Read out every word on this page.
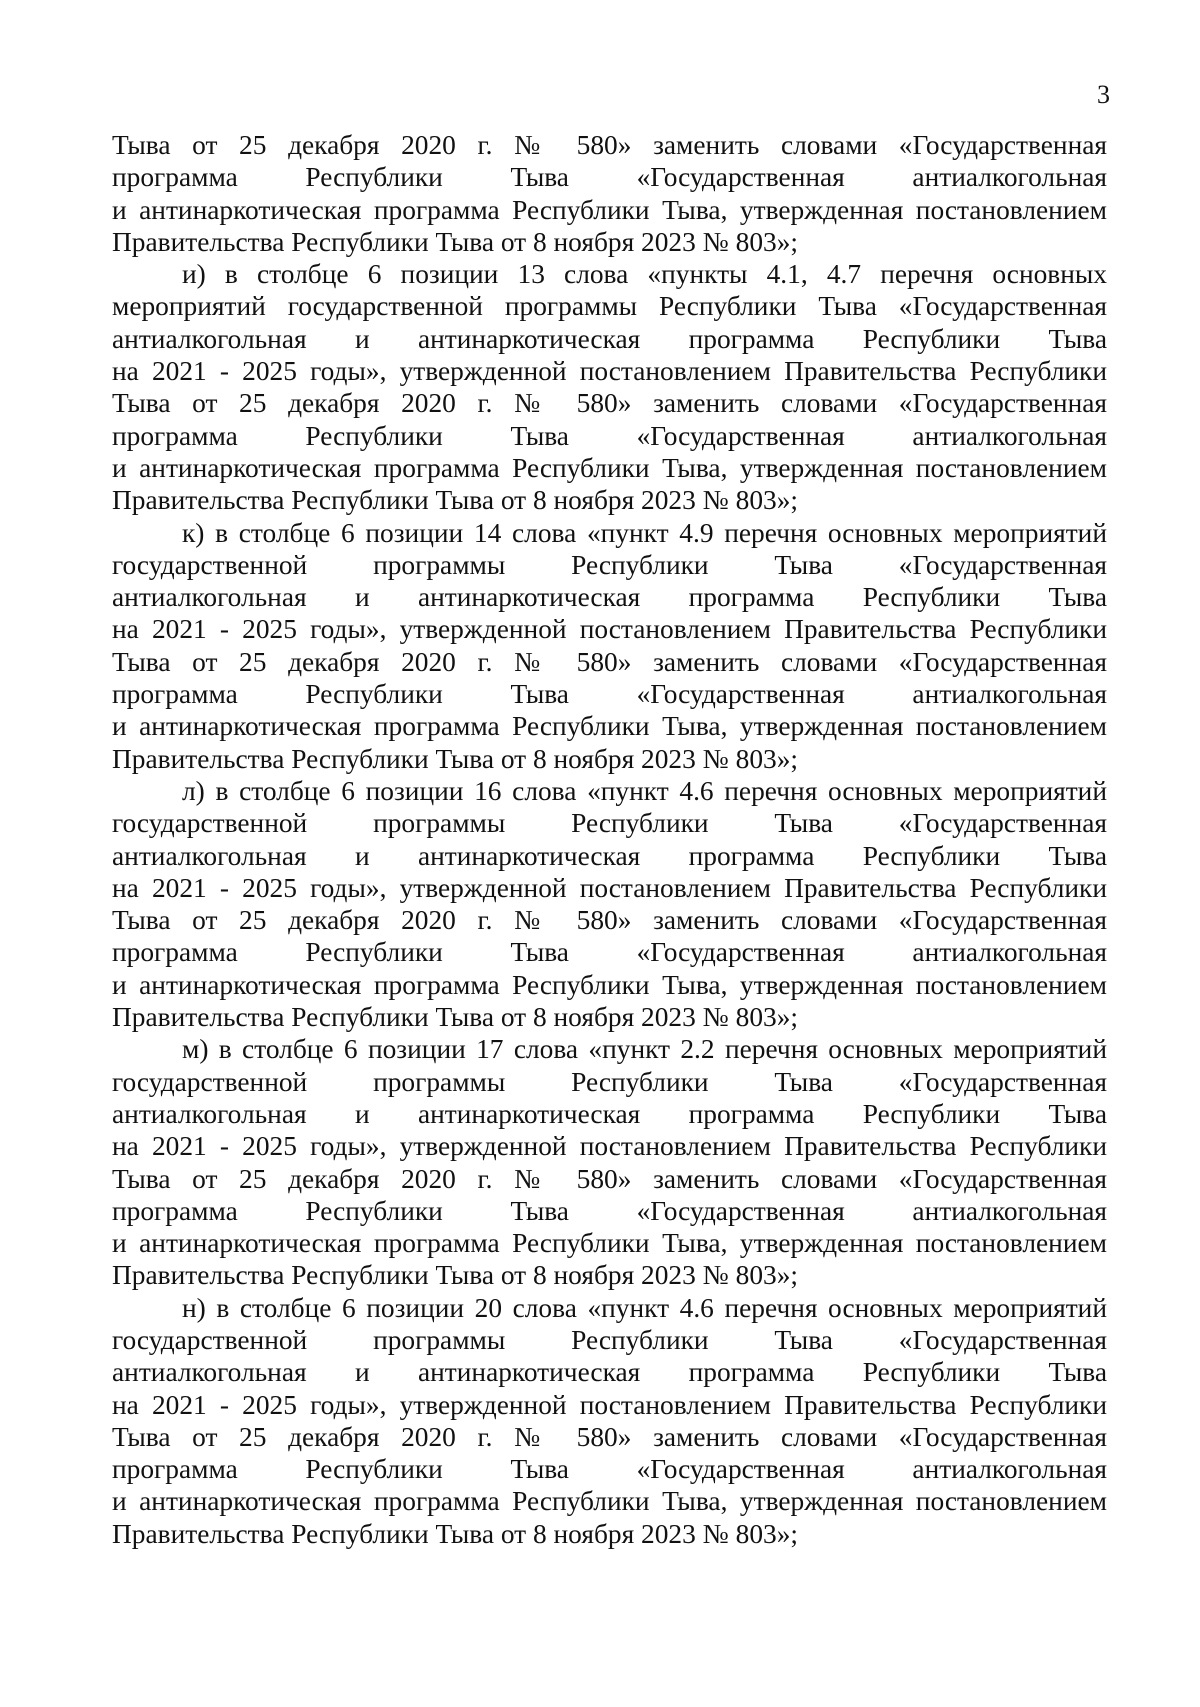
3
Тыва от 25 декабря 2020 г. № 580» заменить словами «Государственная
программа Республики Тыва «Государственная антиалкогольная
и антинаркотическая программа Республики Тыва, утвержденная постановлением
Правительства Республики Тыва от 8 ноября 2023 № 803»;
и) в столбце 6 позиции 13 слова «пункты 4.1, 4.7 перечня основных
мероприятий государственной программы Республики Тыва «Государственная
антиалкогольная и антинаркотическая программа Республики Тыва
на 2021 - 2025 годы», утвержденной постановлением Правительства Республики
Тыва от 25 декабря 2020 г. № 580» заменить словами «Государственная
программа Республики Тыва «Государственная антиалкогольная
и антинаркотическая программа Республики Тыва, утвержденная постановлением
Правительства Республики Тыва от 8 ноября 2023 № 803»;
к) в столбце 6 позиции 14 слова «пункт 4.9 перечня основных мероприятий
государственной программы Республики Тыва «Государственная
антиалкогольная и антинаркотическая программа Республики Тыва
на 2021 - 2025 годы», утвержденной постановлением Правительства Республики
Тыва от 25 декабря 2020 г. № 580» заменить словами «Государственная
программа Республики Тыва «Государственная антиалкогольная
и антинаркотическая программа Республики Тыва, утвержденная постановлением
Правительства Республики Тыва от 8 ноября 2023 № 803»;
л) в столбце 6 позиции 16 слова «пункт 4.6 перечня основных мероприятий
государственной программы Республики Тыва «Государственная
антиалкогольная и антинаркотическая программа Республики Тыва
на 2021 - 2025 годы», утвержденной постановлением Правительства Республики
Тыва от 25 декабря 2020 г. № 580» заменить словами «Государственная
программа Республики Тыва «Государственная антиалкогольная
и антинаркотическая программа Республики Тыва, утвержденная постановлением
Правительства Республики Тыва от 8 ноября 2023 № 803»;
м) в столбце 6 позиции 17 слова «пункт 2.2 перечня основных мероприятий
государственной программы Республики Тыва «Государственная
антиалкогольная и антинаркотическая программа Республики Тыва
на 2021 - 2025 годы», утвержденной постановлением Правительства Республики
Тыва от 25 декабря 2020 г. № 580» заменить словами «Государственная
программа Республики Тыва «Государственная антиалкогольная
и антинаркотическая программа Республики Тыва, утвержденная постановлением
Правительства Республики Тыва от 8 ноября 2023 № 803»;
н) в столбце 6 позиции 20 слова «пункт 4.6 перечня основных мероприятий
государственной программы Республики Тыва «Государственная
антиалкогольная и антинаркотическая программа Республики Тыва
на 2021 - 2025 годы», утвержденной постановлением Правительства Республики
Тыва от 25 декабря 2020 г. № 580» заменить словами «Государственная
программа Республики Тыва «Государственная антиалкогольная
и антинаркотическая программа Республики Тыва, утвержденная постановлением
Правительства Республики Тыва от 8 ноября 2023 № 803»;
